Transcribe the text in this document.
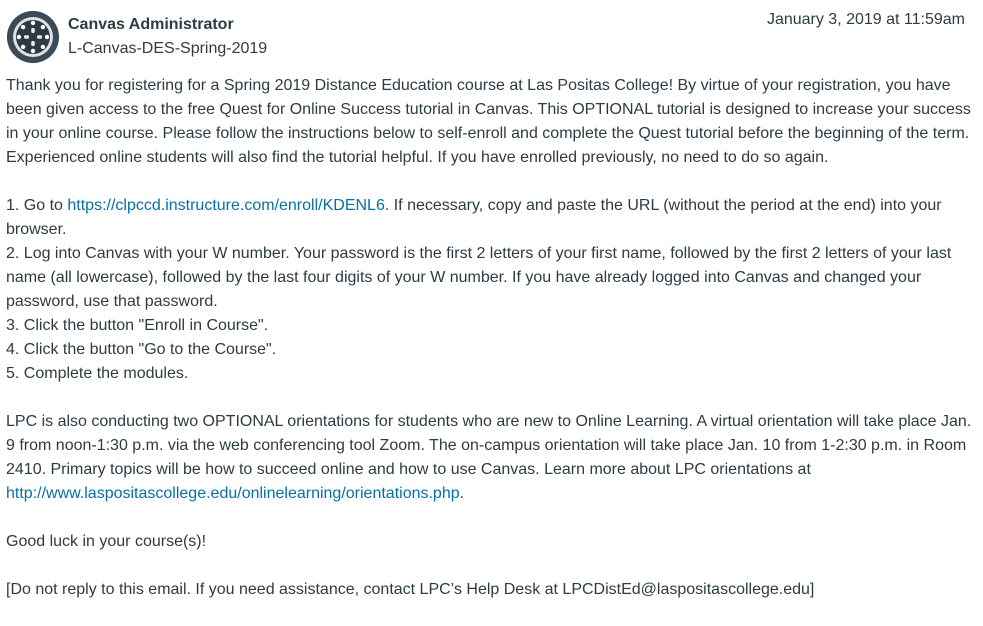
Canvas Administrator
L-Canvas-DES-Spring-2019
January 3, 2019 at 11:59am

Thank you for registering for a Spring 2019 Distance Education course at Las Positas College! By virtue of your registration, you have been given access to the free Quest for Online Success tutorial in Canvas. This OPTIONAL tutorial is designed to increase your success in your online course. Please follow the instructions below to self-enroll and complete the Quest tutorial before the beginning of the term. Experienced online students will also find the tutorial helpful. If you have enrolled previously, no need to do so again.

1. Go to https://clpccd.instructure.com/enroll/KDENL6. If necessary, copy and paste the URL (without the period at the end) into your browser.
2. Log into Canvas with your W number. Your password is the first 2 letters of your first name, followed by the first 2 letters of your last name (all lowercase), followed by the last four digits of your W number. If you have already logged into Canvas and changed your password, use that password.
3. Click the button "Enroll in Course".
4. Click the button "Go to the Course".
5. Complete the modules.

LPC is also conducting two OPTIONAL orientations for students who are new to Online Learning. A virtual orientation will take place Jan. 9 from noon-1:30 p.m. via the web conferencing tool Zoom. The on-campus orientation will take place Jan. 10 from 1-2:30 p.m. in Room 2410. Primary topics will be how to succeed online and how to use Canvas. Learn more about LPC orientations at http://www.laspositascollege.edu/onlinelearning/orientations.php.

Good luck in your course(s)!

[Do not reply to this email. If you need assistance, contact LPC’s Help Desk at LPCDistEd@laspositascollege.edu]
